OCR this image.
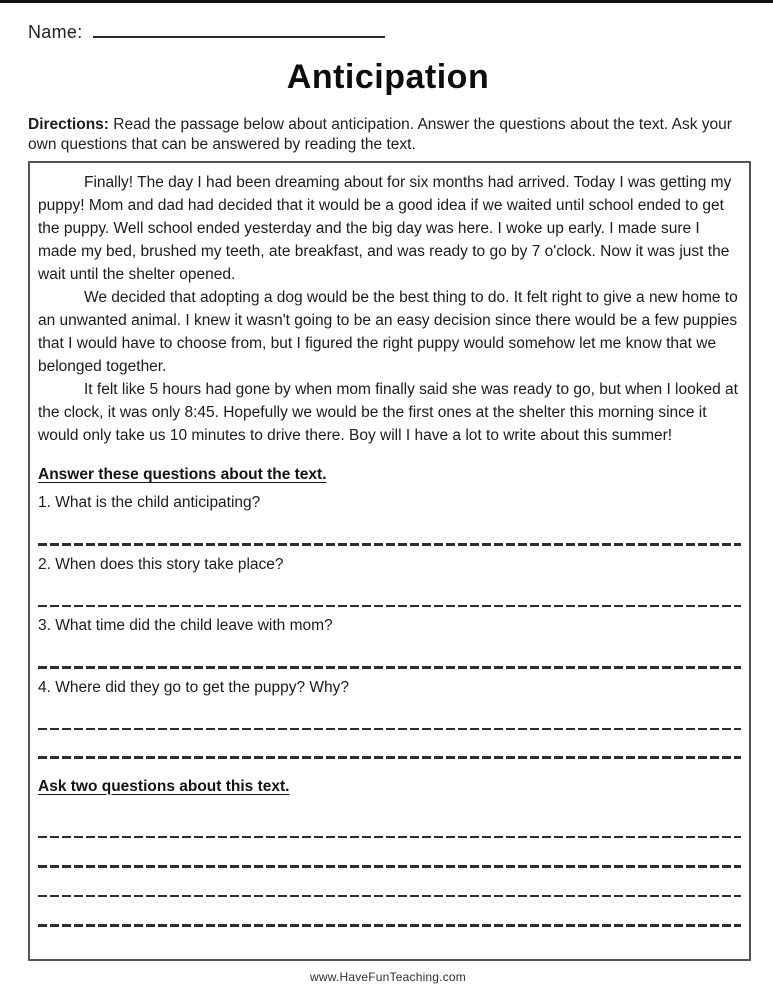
Name:
Anticipation

Directions: Read the passage below about anticipation. Answer the questions about the text. Ask your own questions that can be answered by reading the text.

Finally! The day I had been dreaming about for six months had arrived. Today I was getting my puppy! Mom and dad had decided that it would be a good idea if we waited until school ended to get the puppy. Well school ended yesterday and the big day was here. I woke up early. I made sure I made my bed, brushed my teeth, ate breakfast, and was ready to go by 7 o'clock. Now it was just the wait until the shelter opened.

We decided that adopting a dog would be the best thing to do. It felt right to give a new home to an unwanted animal. I knew it wasn't going to be an easy decision since there would be a few puppies that I would have to choose from, but I figured the right puppy would somehow let me know that we belonged together.

It felt like 5 hours had gone by when mom finally said she was ready to go, but when I looked at the clock, it was only 8:45. Hopefully we would be the first ones at the shelter this morning since it would only take us 10 minutes to drive there. Boy will I have a lot to write about this summer!

Answer these questions about the text.
1. What is the child anticipating?
2. When does this story take place?
3. What time did the child leave with mom?
4. Where did they go to get the puppy? Why?
Ask two questions about this text.
www.HaveFunTeaching.com
